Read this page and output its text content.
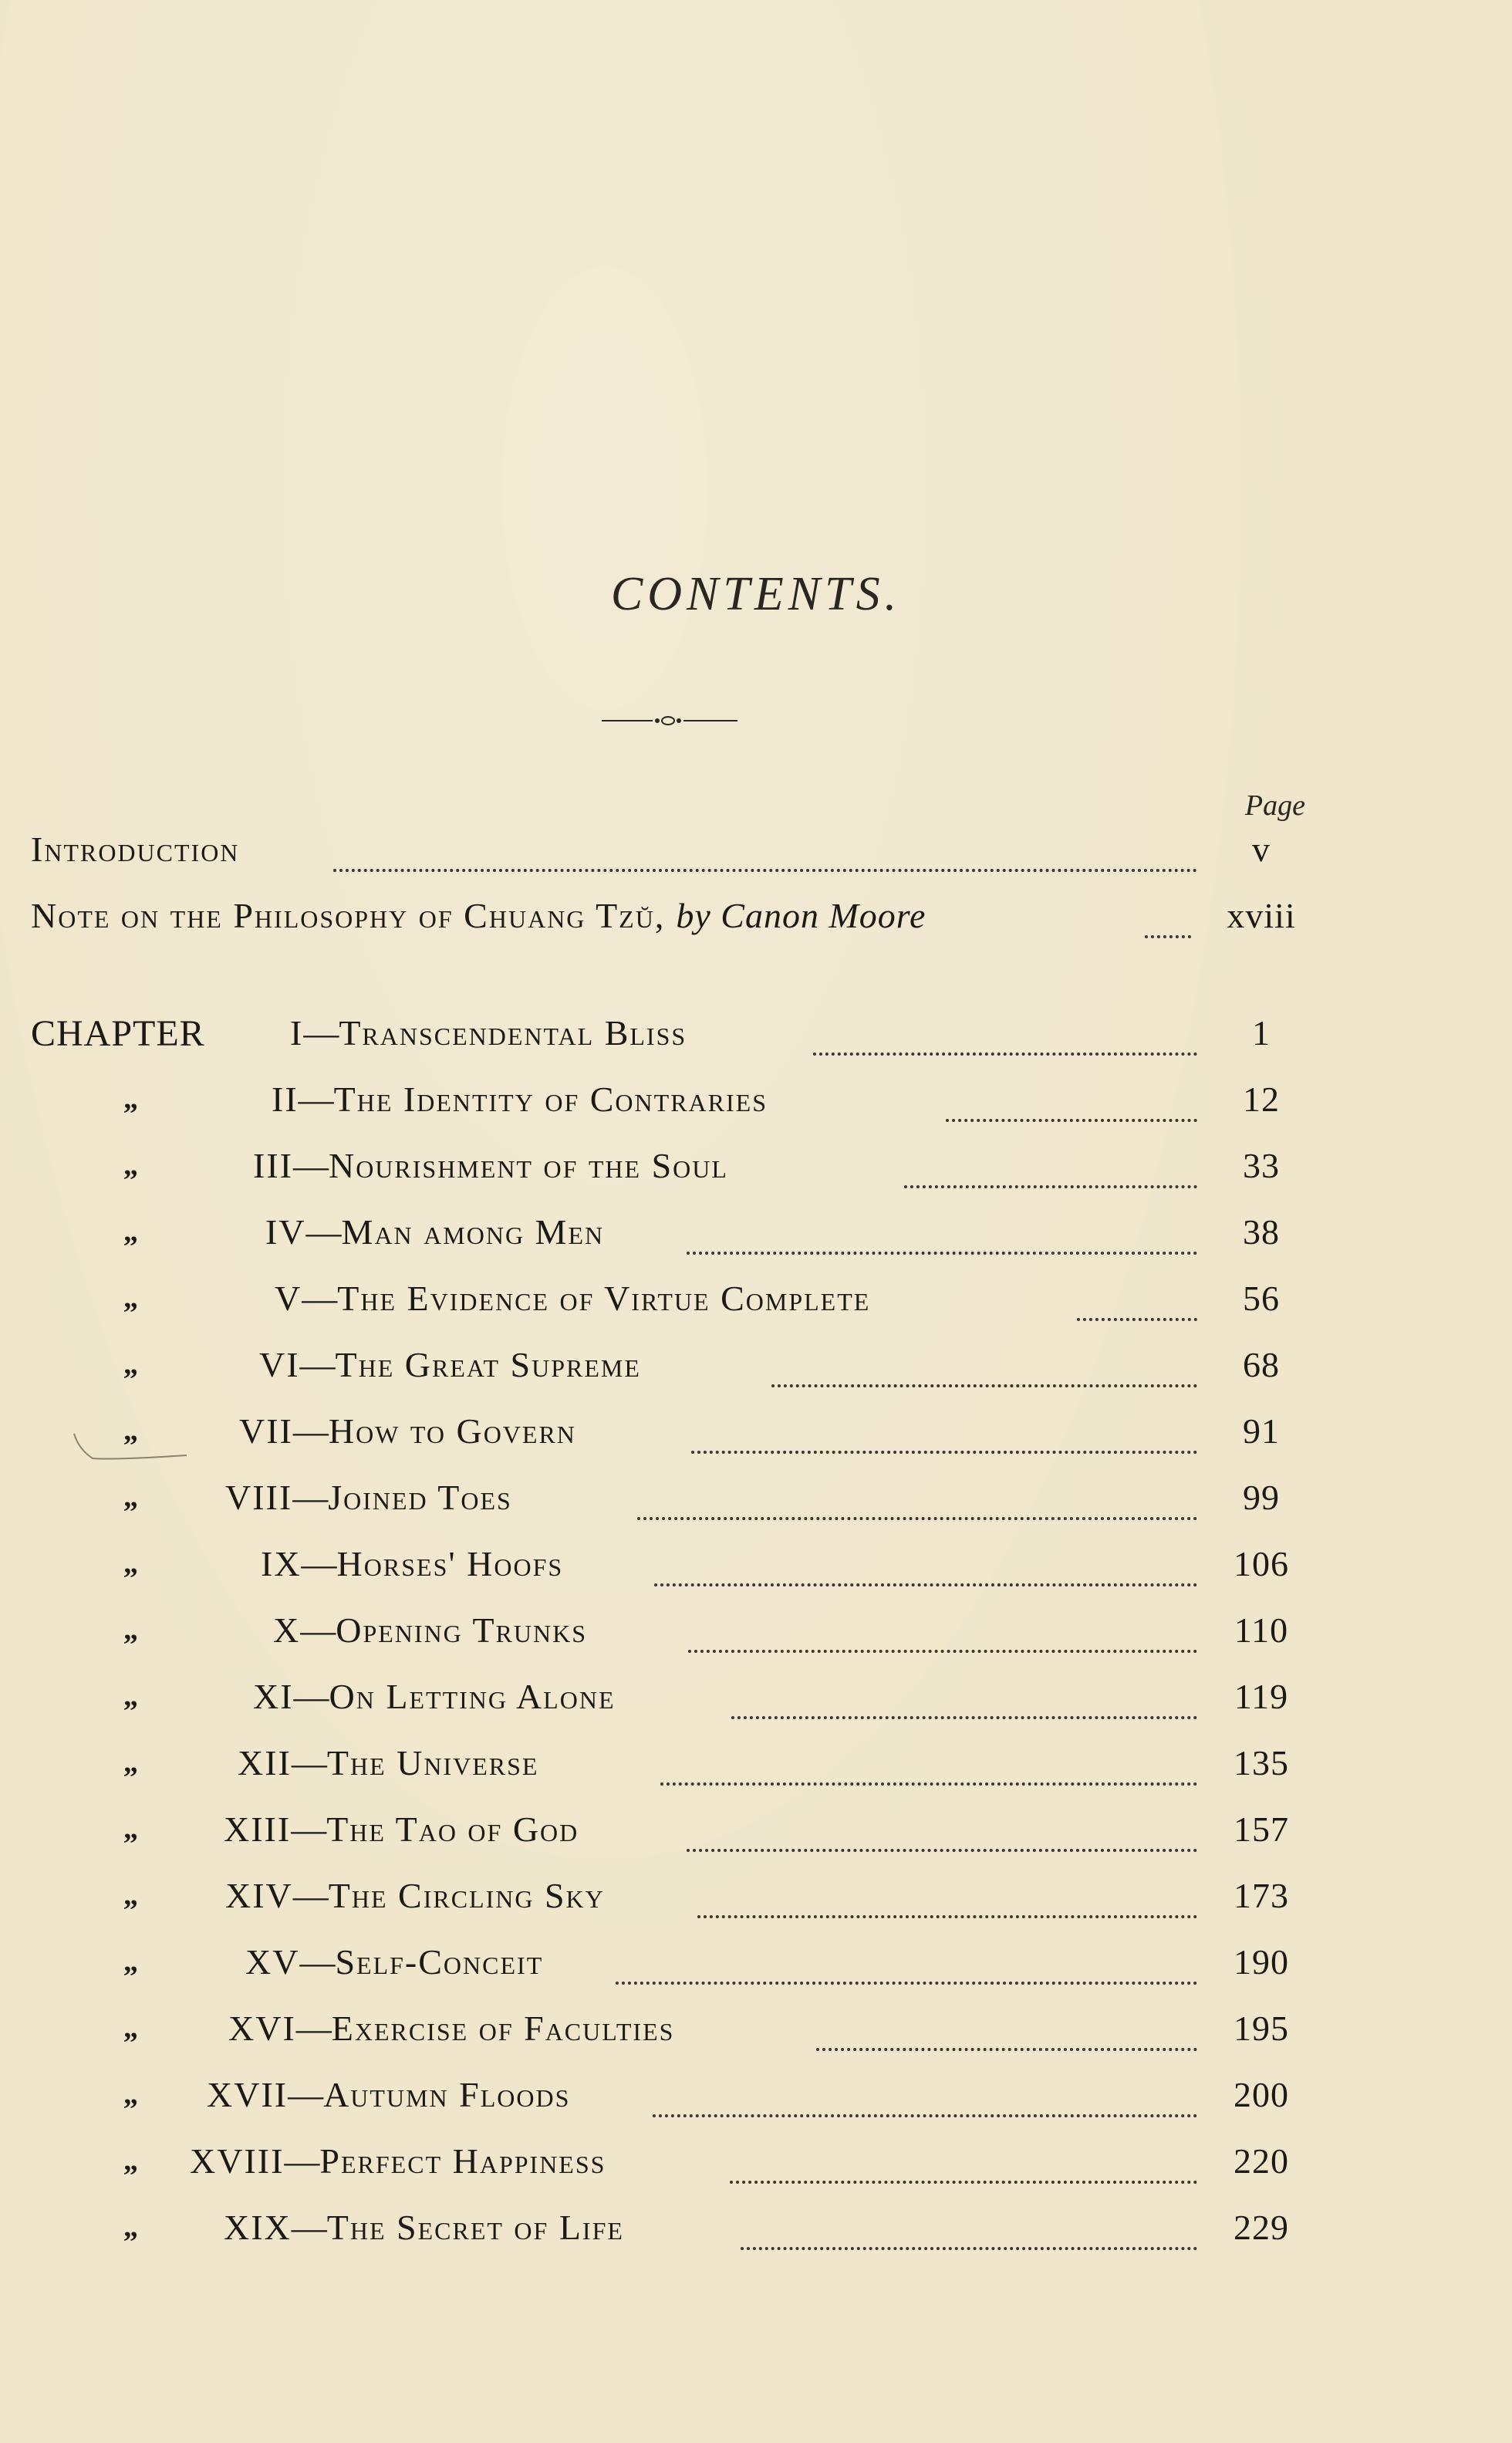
CONTENTS.
Page
Introduction	v
Note on the Philosophy of Chuang Tzŭ, by Canon Moore	xviii
CHAPTER I—Transcendental Bliss	1
„	II—The Identity of Contraries	12
„	III—Nourishment of the Soul	33
„	IV—Man among Men	38
„	V—The Evidence of Virtue Complete	56
„	VI—The Great Supreme	68
„	VII—How to Govern	91
„ VIII—Joined Toes	99
„	IX—Horses' Hoofs	106
„	X—Opening Trunks	110
„	XI—On Letting Alone	119
„	XII—The Universe	135
„ XIII—The Tao of God	157
„ XIV—The Circling Sky	173
„	XV—Self-Conceit	190
„	XVI—Exercise of Faculties	195
„ XVII—Autumn Floods	200
„ XVIII—Perfect Happiness	220
„ XIX—The Secret of Life	229
